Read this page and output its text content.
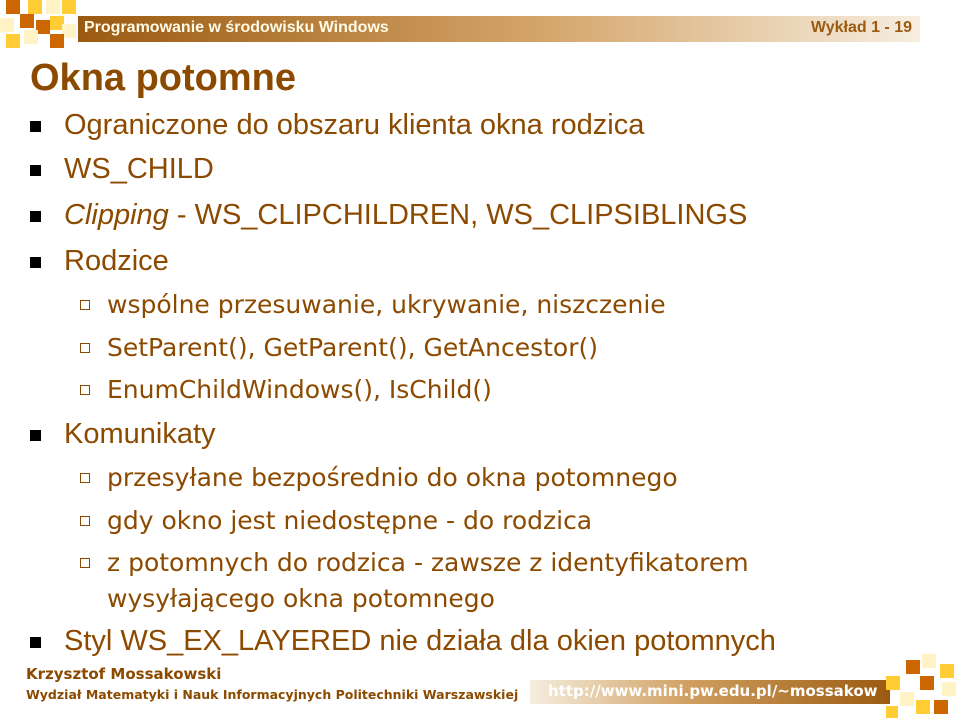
Programowanie w środowisku Windows	Wykład 1 - 19
Okna potomne
Ograniczone do obszaru klienta okna rodzica
WS_CHILD
Clipping - WS_CLIPCHILDREN, WS_CLIPSIBLINGS
Rodzice
wspólne przesuwanie, ukrywanie, niszczenie
SetParent(), GetParent(), GetAncestor()
EnumChildWindows(), IsChild()
Komunikaty
przesyłane bezpośrednio do okna potomnego
gdy okno jest niedostępne - do rodzica
z potomnych do rodzica - zawsze z identyfikatorem
wysyłającego okna potomnego
Styl WS_EX_LAYERED nie działa dla okien potomnych
Krzysztof Mossakowski
Wydział Matematyki i Nauk Informacyjnych Politechniki Warszawskiej http://www.mini.pw.edu.pl/~mossakow
